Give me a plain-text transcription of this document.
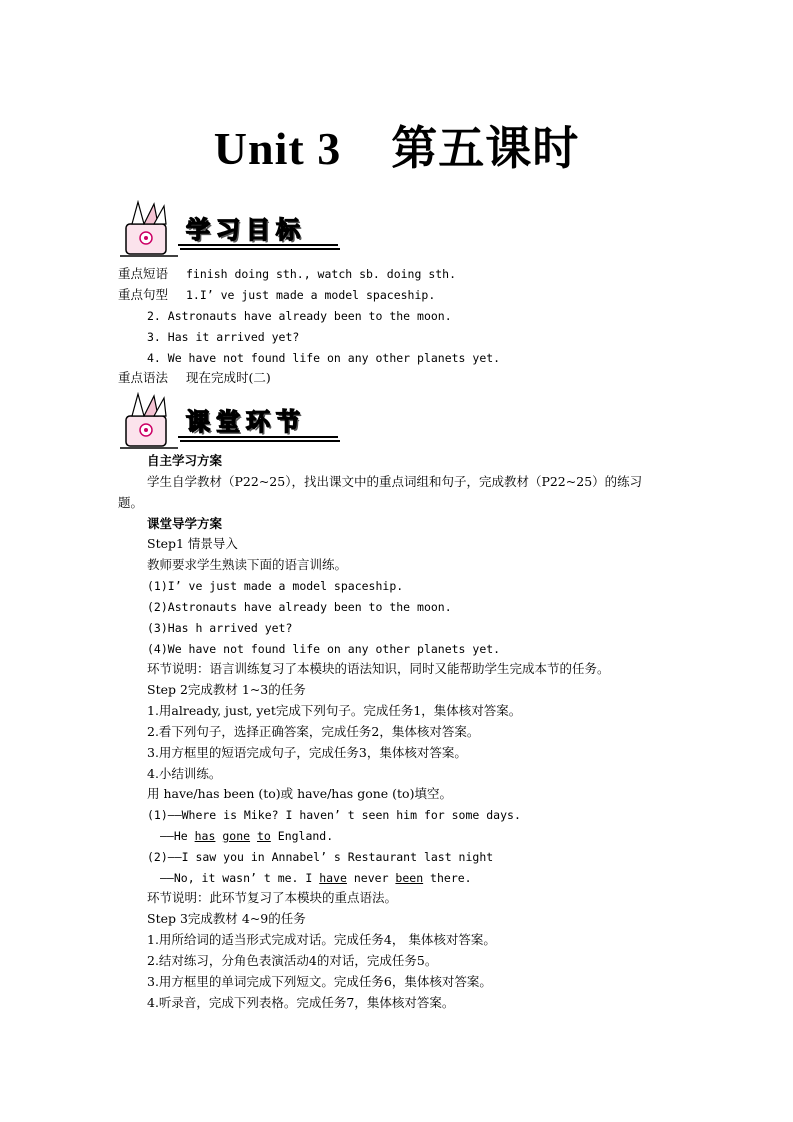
Unit 3 第五课时
学习目标
重点短语 finish doing sth., watch sb. doing sth.
重点句型 1.I’ ve just made a model spaceship.
2. Astronauts have already been to the moon.
3. Has it arrived yet?
4. We have not found life on any other planets yet.
重点语法 现在完成时(二)
课堂环节
自主学习方案
学生自学教材（P22~25），找出课文中的重点词组和句子，完成教材（P22~25）的练习
题。
课堂导学方案
Step1 情景导入
教师要求学生熟读下面的语言训练。
(1)I’ ve just made a model spaceship.
(2)Astronauts have already been to the moon.
(3)Has h arrived yet?
(4)We have not found life on any other planets yet.
环节说明：语言训练复习了本模块的语法知识，同时又能帮助学生完成本节的任务。
Step 2完成教材 1~3的任务
1.用already, just, yet完成下列句子。完成任务1，集体核对答案。
2.看下列句子，选择正确答案，完成任务2，集体核对答案。
3.用方框里的短语完成句子，完成任务3，集体核对答案。
4.小结训练。
用 have/has been (to)或 have/has gone (to)填空。
(1)——Where is Mike? I haven’ t seen him for some days.
——He has gone to England.
(2)——I saw you in Annabel’ s Restaurant last night
——No, it wasn’ t me. I have never been there.
环节说明：此环节复习了本模块的重点语法。
Step 3完成教材 4~9的任务
1.用所给词的适当形式完成对话。完成任务4， 集体核对答案。
2.结对练习，分角色表演活动4的对话，完成任务5。
3.用方框里的单词完成下列短文。完成任务6，集体核对答案。
4.听录音，完成下列表格。完成任务7，集体核对答案。
